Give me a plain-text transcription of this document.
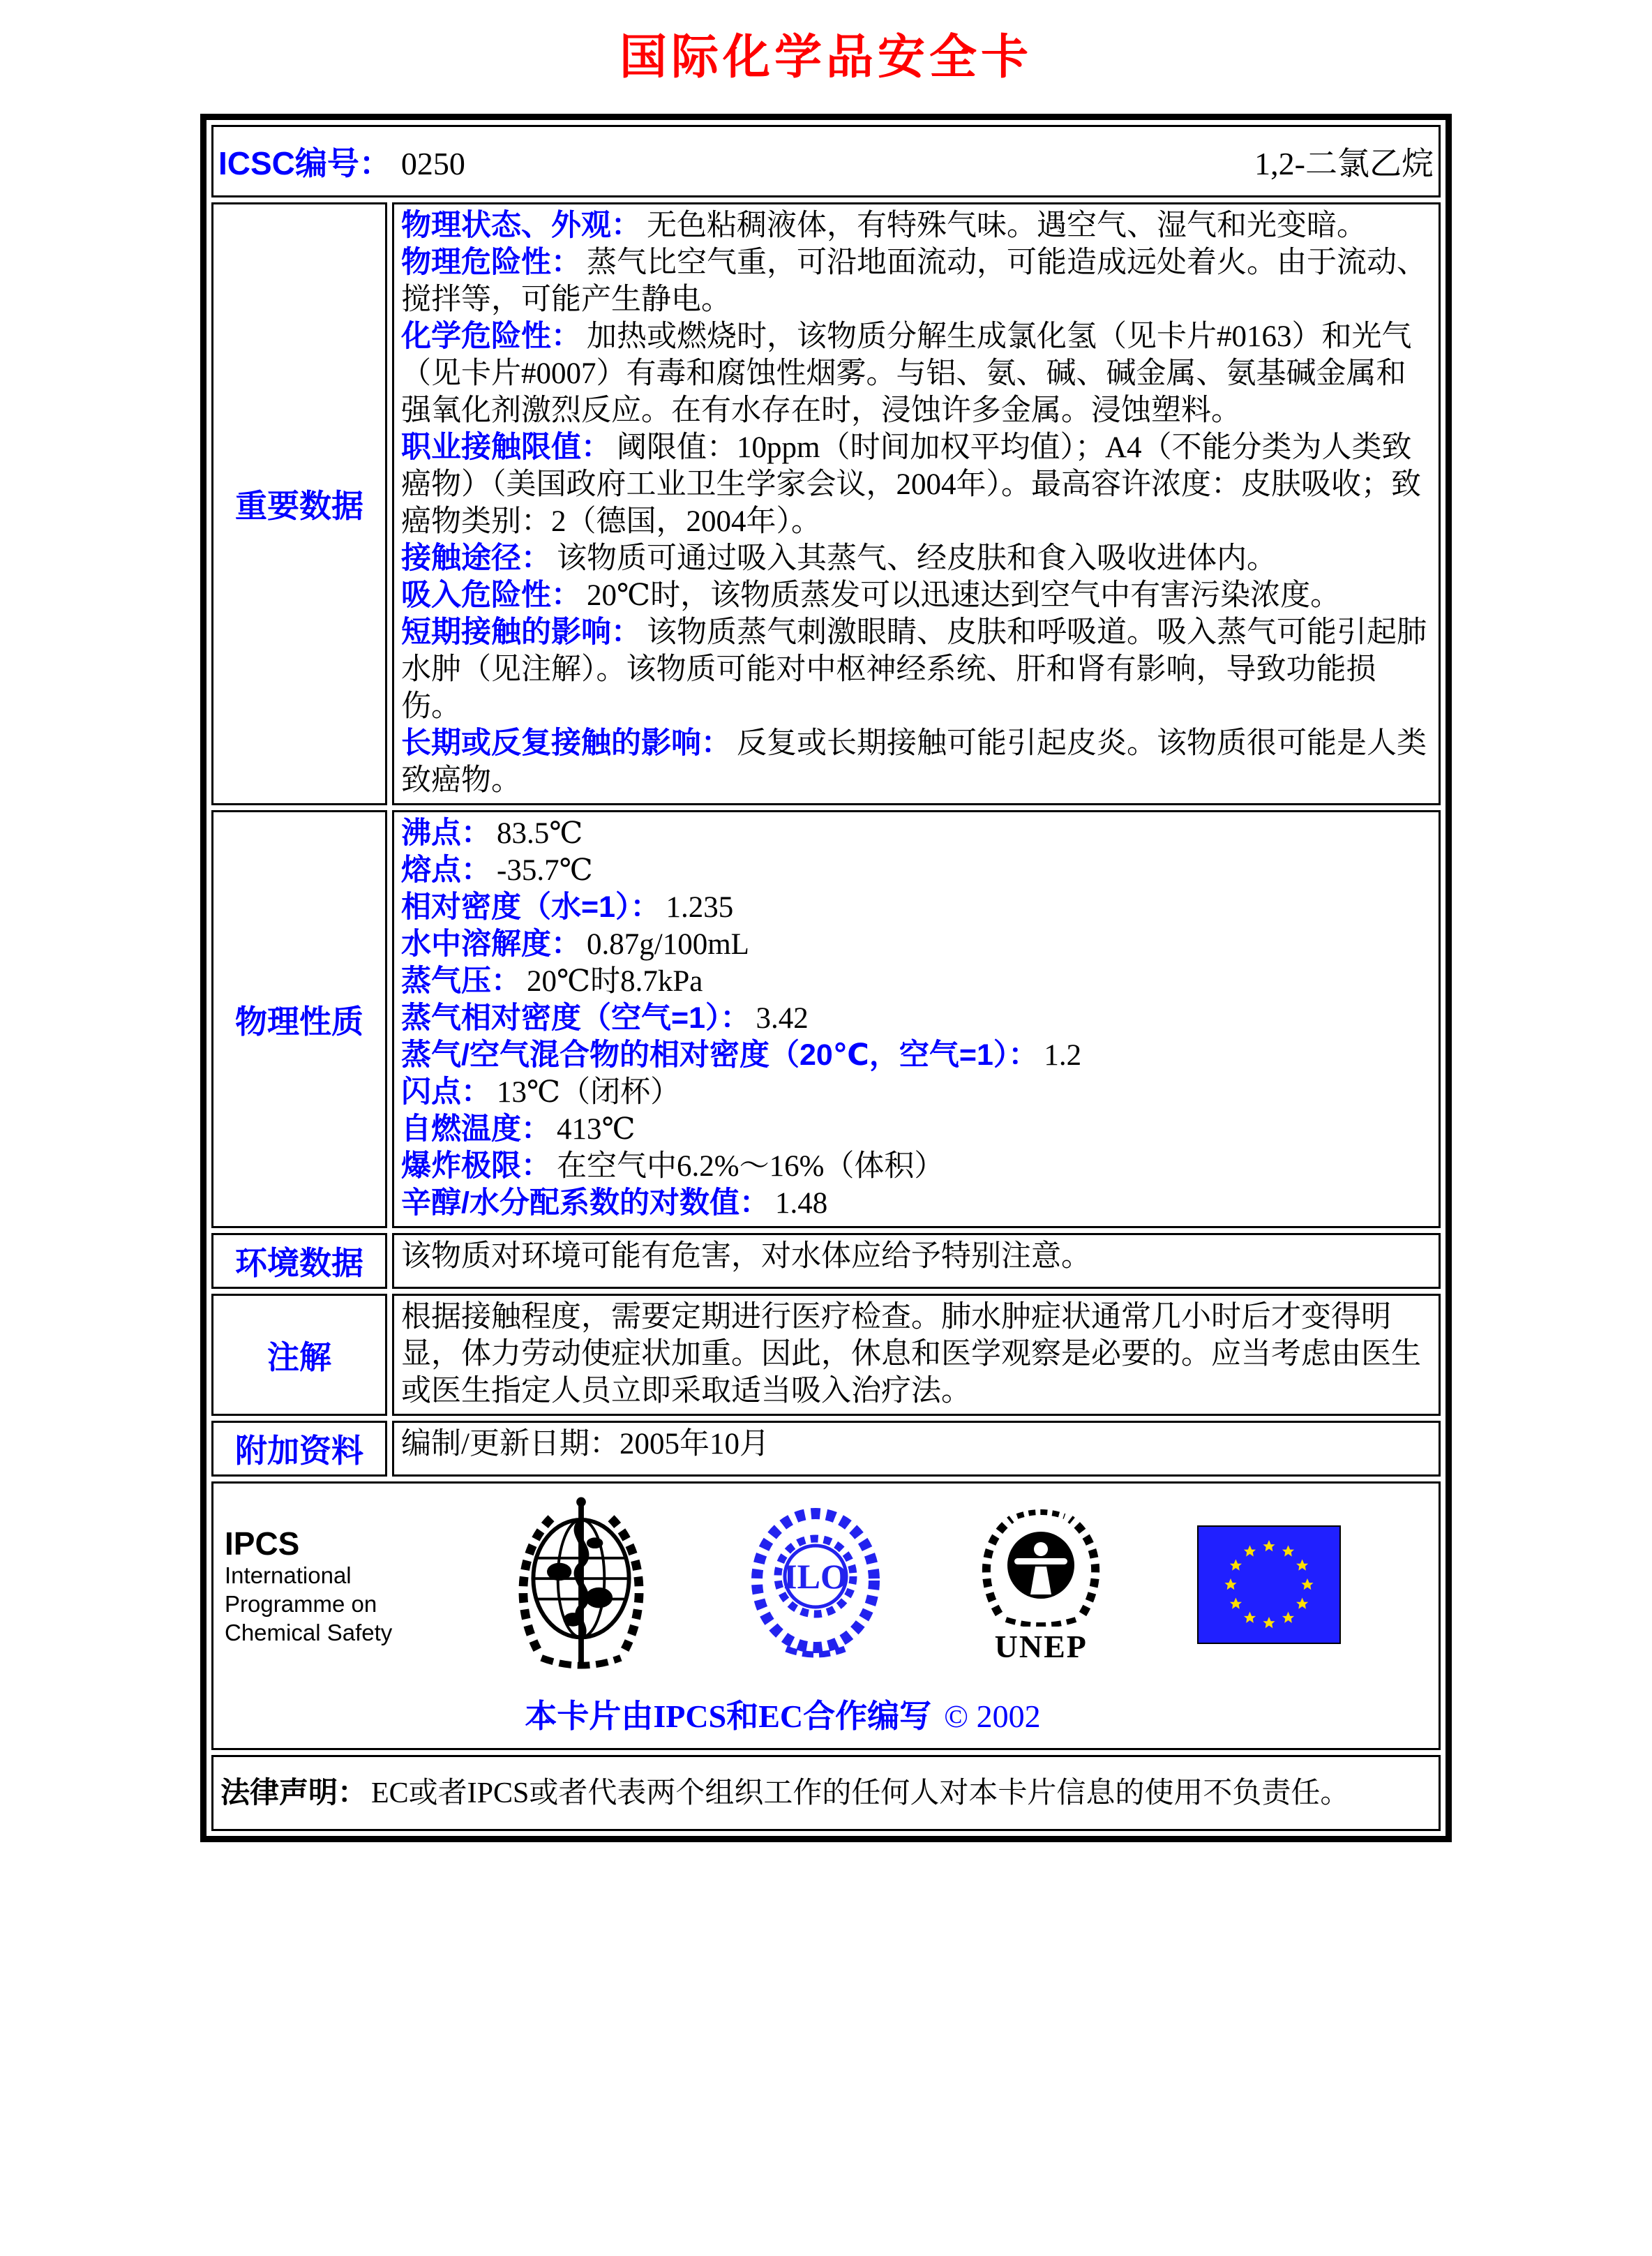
国际化学品安全卡
ICSC编号： 0250 1,2-二氯乙烷	

重要数据	
物理状态、外观： 无色粘稠液体，有特殊气味。遇空气、湿气和光变暗。
物理危险性： 蒸气比空气重，可沿地面流动，可能造成远处着火。由于流动、搅拌等，可能产生静电。
化学危险性： 加热或燃烧时，该物质分解生成氯化氢（见卡片#0163）和光气（见卡片#0007）有毒和腐蚀性烟雾。与铝、氨、碱、碱金属、氨基碱金属和强氧化剂激烈反应。在有水存在时，浸蚀许多金属。浸蚀塑料。
职业接触限值： 阈限值：10ppm（时间加权平均值）；A4（不能分类为人类致癌物）（美国政府工业卫生学家会议，2004年）。最高容许浓度：皮肤吸收；致癌物类别：2（德国，2004年）。
接触途径： 该物质可通过吸入其蒸气、经皮肤和食入吸收进体内。
吸入危险性： 20℃时，该物质蒸发可以迅速达到空气中有害污染浓度。
短期接触的影响： 该物质蒸气刺激眼睛、皮肤和呼吸道。吸入蒸气可能引起肺水肿（见注解）。该物质可能对中枢神经系统、肝和肾有影响，导致功能损伤。
长期或反复接触的影响： 反复或长期接触可能引起皮炎。该物质很可能是人类致癌物。

物理性质	
沸点： 83.5℃
熔点： -35.7℃
相对密度（水=1）： 1.235
水中溶解度： 0.87g/100mL
蒸气压： 20℃时8.7kPa
蒸气相对密度（空气=1）： 3.42
蒸气/空气混合物的相对密度（20℃，空气=1）： 1.2
闪点： 13℃（闭杯）
自燃温度： 413℃
爆炸极限： 在空气中6.2%～16%（体积）
辛醇/水分配系数的对数值： 1.48

环境数据	该物质对环境可能有危害，对水体应给予特别注意。
注解	根据接触程度，需要定期进行医疗检查。肺水肿症状通常几小时后才变得明显，体力劳动使症状加重。因此，休息和医学观察是必要的。应当考虑由医生或医生指定人员立即采取适当吸入治疗法。
附加资料	编制/更新日期：2005年10月

IPCS
International
Programme on
Chemical Safety
ILO
UNEP
本卡片由IPCS和EC合作编写 © 2002

法律声明： EC或者IPCS或者代表两个组织工作的任何人对本卡片信息的使用不负责任。	
